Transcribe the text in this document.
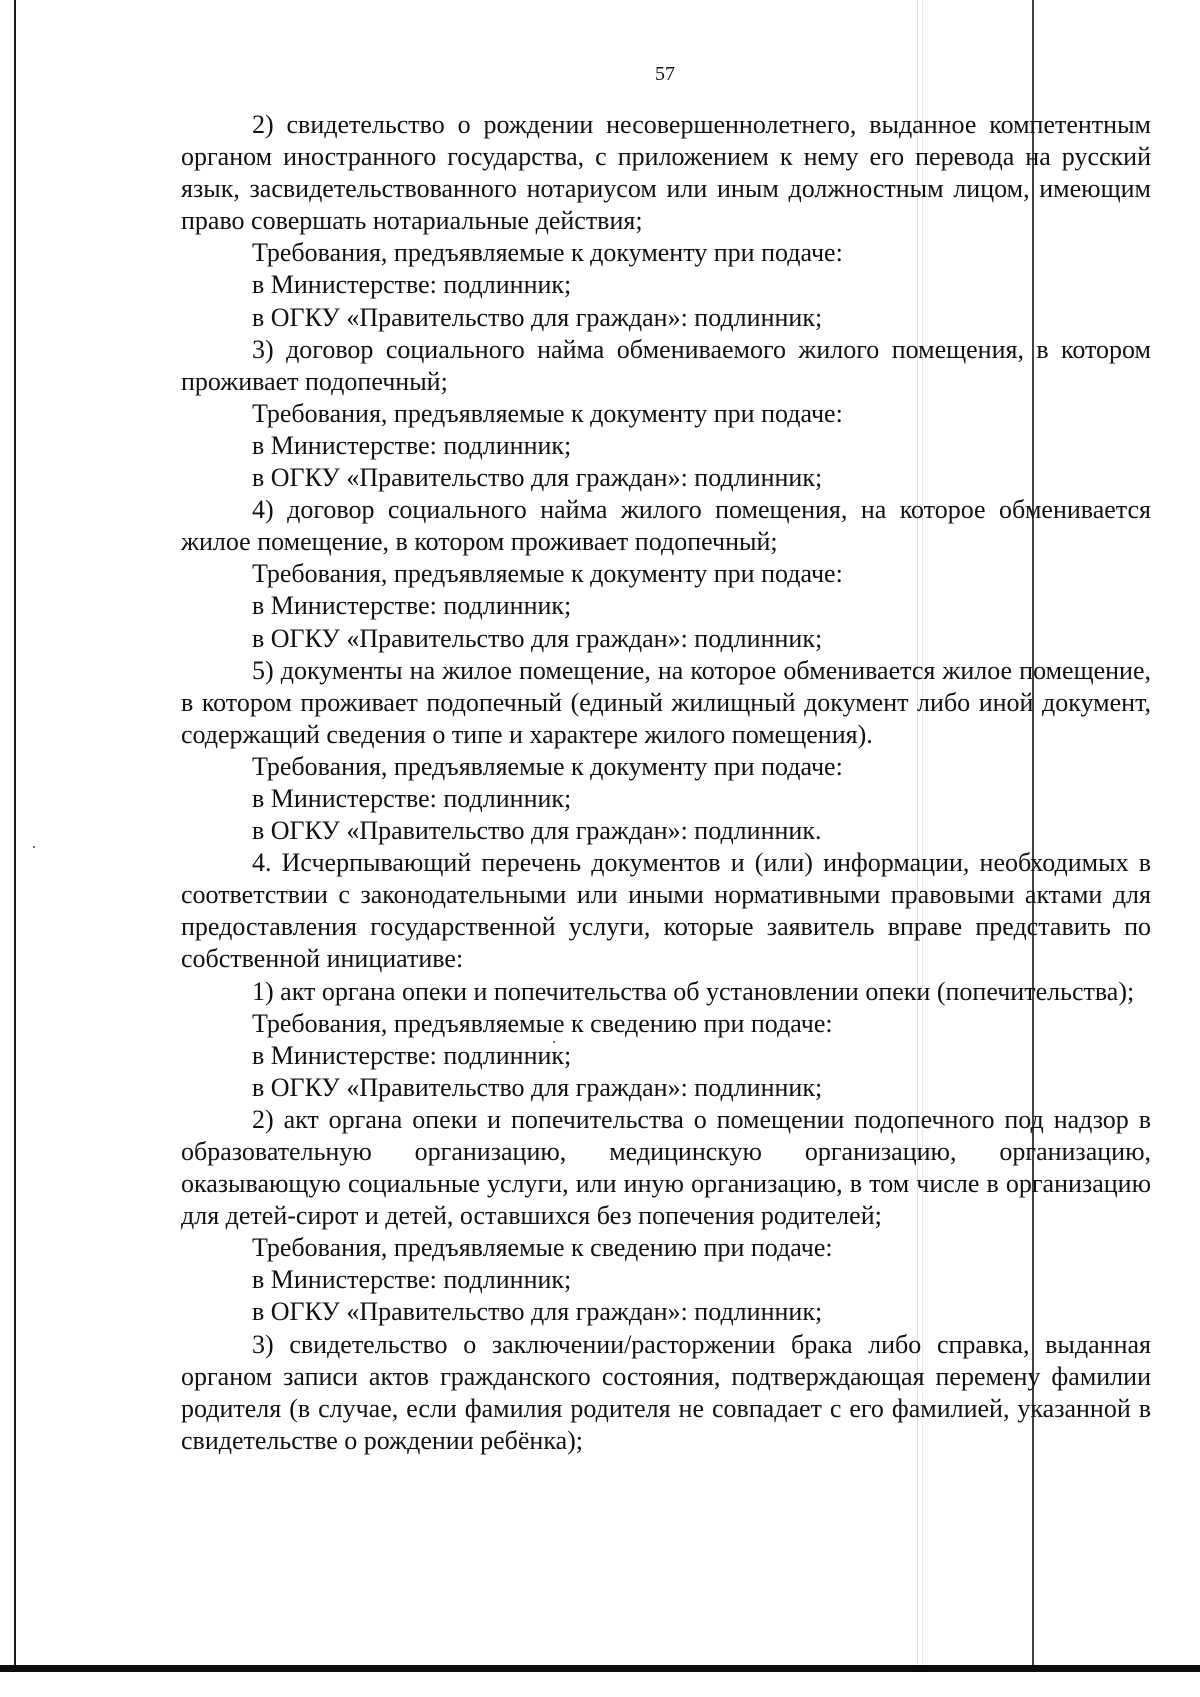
57

2) свидетельство о рождении несовершеннолетнего, выданное компетентным органом иностранного государства, с приложением к нему его перевода на русский язык, засвидетельствованного нотариусом или иным должностным лицом, имеющим право совершать нотариальные действия;

Требования, предъявляемые к документу при подаче:

в Министерстве: подлинник;

в ОГКУ «Правительство для граждан»: подлинник;

3) договор социального найма обмениваемого жилого помещения, в котором проживает подопечный;

Требования, предъявляемые к документу при подаче:

в Министерстве: подлинник;

в ОГКУ «Правительство для граждан»: подлинник;

4) договор социального найма жилого помещения, на которое обменивается жилое помещение, в котором проживает подопечный;

Требования, предъявляемые к документу при подаче:

в Министерстве: подлинник;

в ОГКУ «Правительство для граждан»: подлинник;

5) документы на жилое помещение, на которое обменивается жилое помещение, в котором проживает подопечный (единый жилищный документ либо иной документ, содержащий сведения о типе и характере жилого помещения).

Требования, предъявляемые к документу при подаче:

в Министерстве: подлинник;

в ОГКУ «Правительство для граждан»: подлинник.

4. Исчерпывающий перечень документов и (или) информации, необходимых в соответствии с законодательными или иными нормативными правовыми актами для предоставления государственной услуги, которые заявитель вправе представить по собственной инициативе:

1) акт органа опеки и попечительства об установлении опеки (попечительства);

Требования, предъявляемые к сведению при подаче:

в Министерстве: подлинник;

в ОГКУ «Правительство для граждан»: подлинник;

2) акт органа опеки и попечительства о помещении подопечного под надзор в образовательную организацию, медицинскую организацию, организацию, оказывающую социальные услуги, или иную организацию, в том числе в организацию для детей-сирот и детей, оставшихся без попечения родителей;

Требования, предъявляемые к сведению при подаче:

в Министерстве: подлинник;

в ОГКУ «Правительство для граждан»: подлинник;

3) свидетельство о заключении/расторжении брака либо справка, выданная органом записи актов гражданского состояния, подтверждающая перемену фамилии родителя (в случае, если фамилия родителя не совпадает с его фамилией, указанной в свидетельстве о рождении ребёнка);
